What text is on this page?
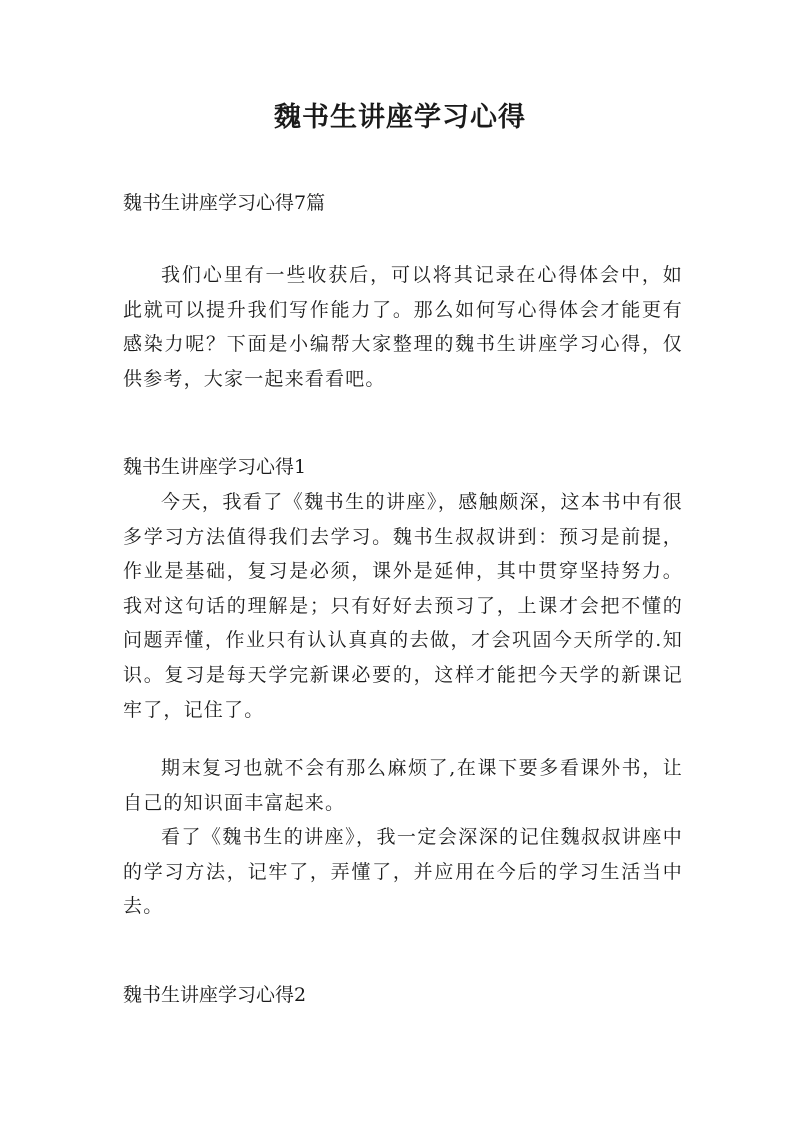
魏书生讲座学习心得
魏书生讲座学习心得7篇

我们心里有一些收获后，可以将其记录在心得体会中，如此就可以提升我们写作能力了。那么如何写心得体会才能更有感染力呢？下面是小编帮大家整理的魏书生讲座学习心得，仅供参考，大家一起来看看吧。

魏书生讲座学习心得1

今天，我看了《魏书生的讲座》，感触颇深，这本书中有很多学习方法值得我们去学习。魏书生叔叔讲到：预习是前提，作业是基础，复习是必须，课外是延伸，其中贯穿坚持努力。我对这句话的理解是；只有好好去预习了，上课才会把不懂的问题弄懂，作业只有认认真真的去做，才会巩固今天所学的.知识。复习是每天学完新课必要的，这样才能把今天学的新课记牢了，记住了。

期末复习也就不会有那么麻烦了,在课下要多看课外书，让自己的知识面丰富起来。

看了《魏书生的讲座》，我一定会深深的记住魏叔叔讲座中的学习方法，记牢了，弄懂了，并应用在今后的学习生活当中去。

魏书生讲座学习心得2
